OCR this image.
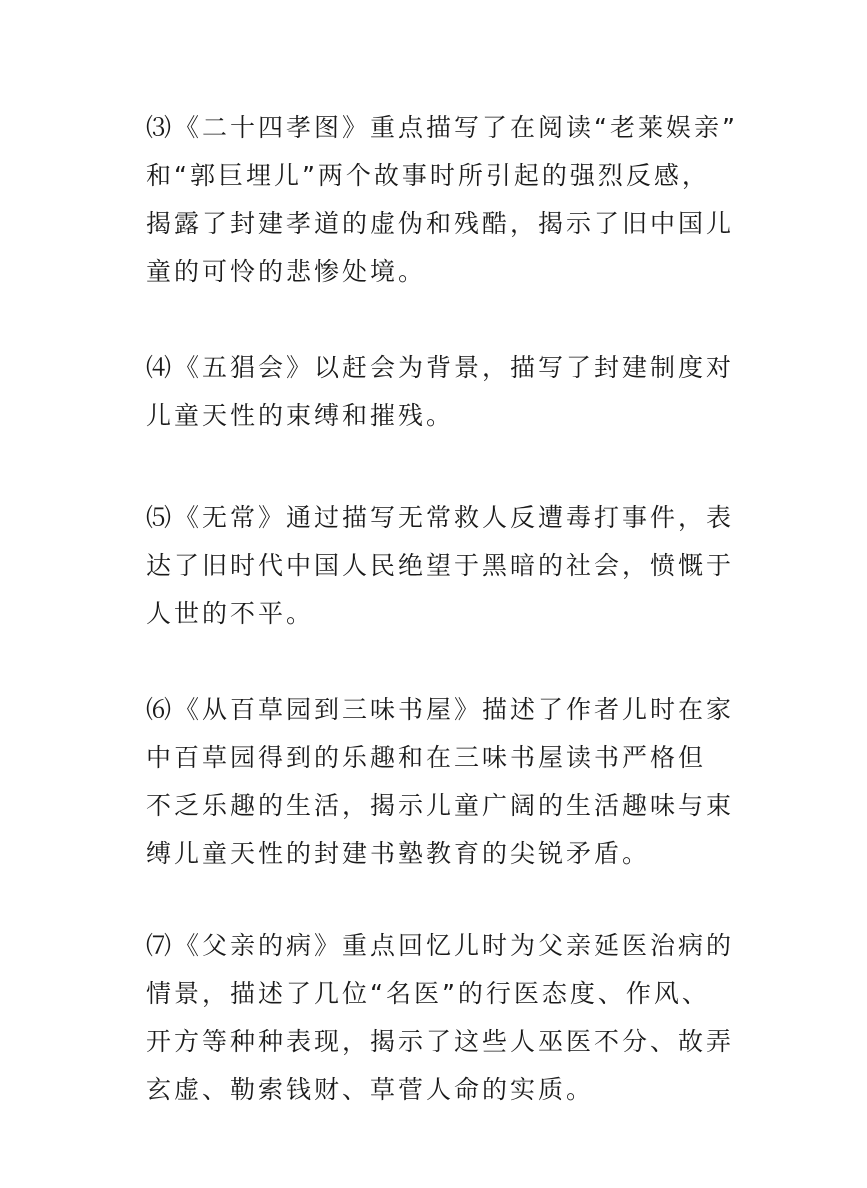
⑶《二十四孝图》重点描写了在阅读“老莱娱亲”
和“郭巨埋儿”两个故事时所引起的强烈反感，
揭露了封建孝道的虚伪和残酷，揭示了旧中国儿
童的可怜的悲惨处境。

⑷《五猖会》以赶会为背景，描写了封建制度对
儿童天性的束缚和摧残。

⑸《无常》通过描写无常救人反遭毒打事件，表
达了旧时代中国人民绝望于黑暗的社会，愤慨于
人世的不平。

⑹《从百草园到三味书屋》描述了作者儿时在家
中百草园得到的乐趣和在三味书屋读书严格但
不乏乐趣的生活，揭示儿童广阔的生活趣味与束
缚儿童天性的封建书塾教育的尖锐矛盾。

⑺《父亲的病》重点回忆儿时为父亲延医治病的
情景，描述了几位“名医”的行医态度、作风、
开方等种种表现，揭示了这些人巫医不分、故弄
玄虚、勒索钱财、草菅人命的实质。
